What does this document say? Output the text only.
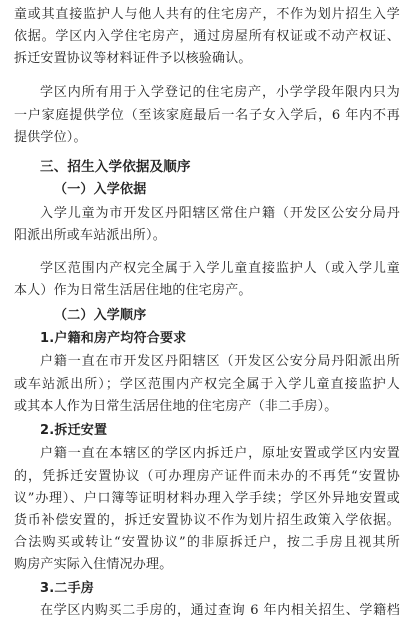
童或其直接监护人与他人共有的住宅房产，不作为划片招生入学
依据。学区内入学住宅房产，通过房屋所有权证或不动产权证、
拆迁安置协议等材料证件予以核验确认。
学区内所有用于入学登记的住宅房产，小学学段年限内只为
一户家庭提供学位（至该家庭最后一名子女入学后，6 年内不再
提供学位）。
三、招生入学依据及顺序
（一）入学依据
入学儿童为市开发区丹阳辖区常住户籍（开发区公安分局丹
阳派出所或车站派出所）。
学区范围内产权完全属于入学儿童直接监护人（或入学儿童
本人）作为日常生活居住地的住宅房产。
（二）入学顺序
1.户籍和房产均符合要求
户籍一直在市开发区丹阳辖区（开发区公安分局丹阳派出所
或车站派出所）；学区范围内产权完全属于入学儿童直接监护人
或其本人作为日常生活居住地的住宅房产（非二手房）。
2.拆迁安置
户籍一直在本辖区的学区内拆迁户，原址安置或学区内安置
的，凭拆迁安置协议（可办理房产证件而未办的不再凭“安置协
议”办理）、户口簿等证明材料办理入学手续；学区外异地安置或
货币补偿安置的，拆迁安置协议不作为划片招生政策入学依据。
合法购买或转让“安置协议”的非原拆迁户，按二手房且视其所
购房产实际入住情况办理。
3.二手房
在学区内购买二手房的，通过查询 6 年内相关招生、学籍档
